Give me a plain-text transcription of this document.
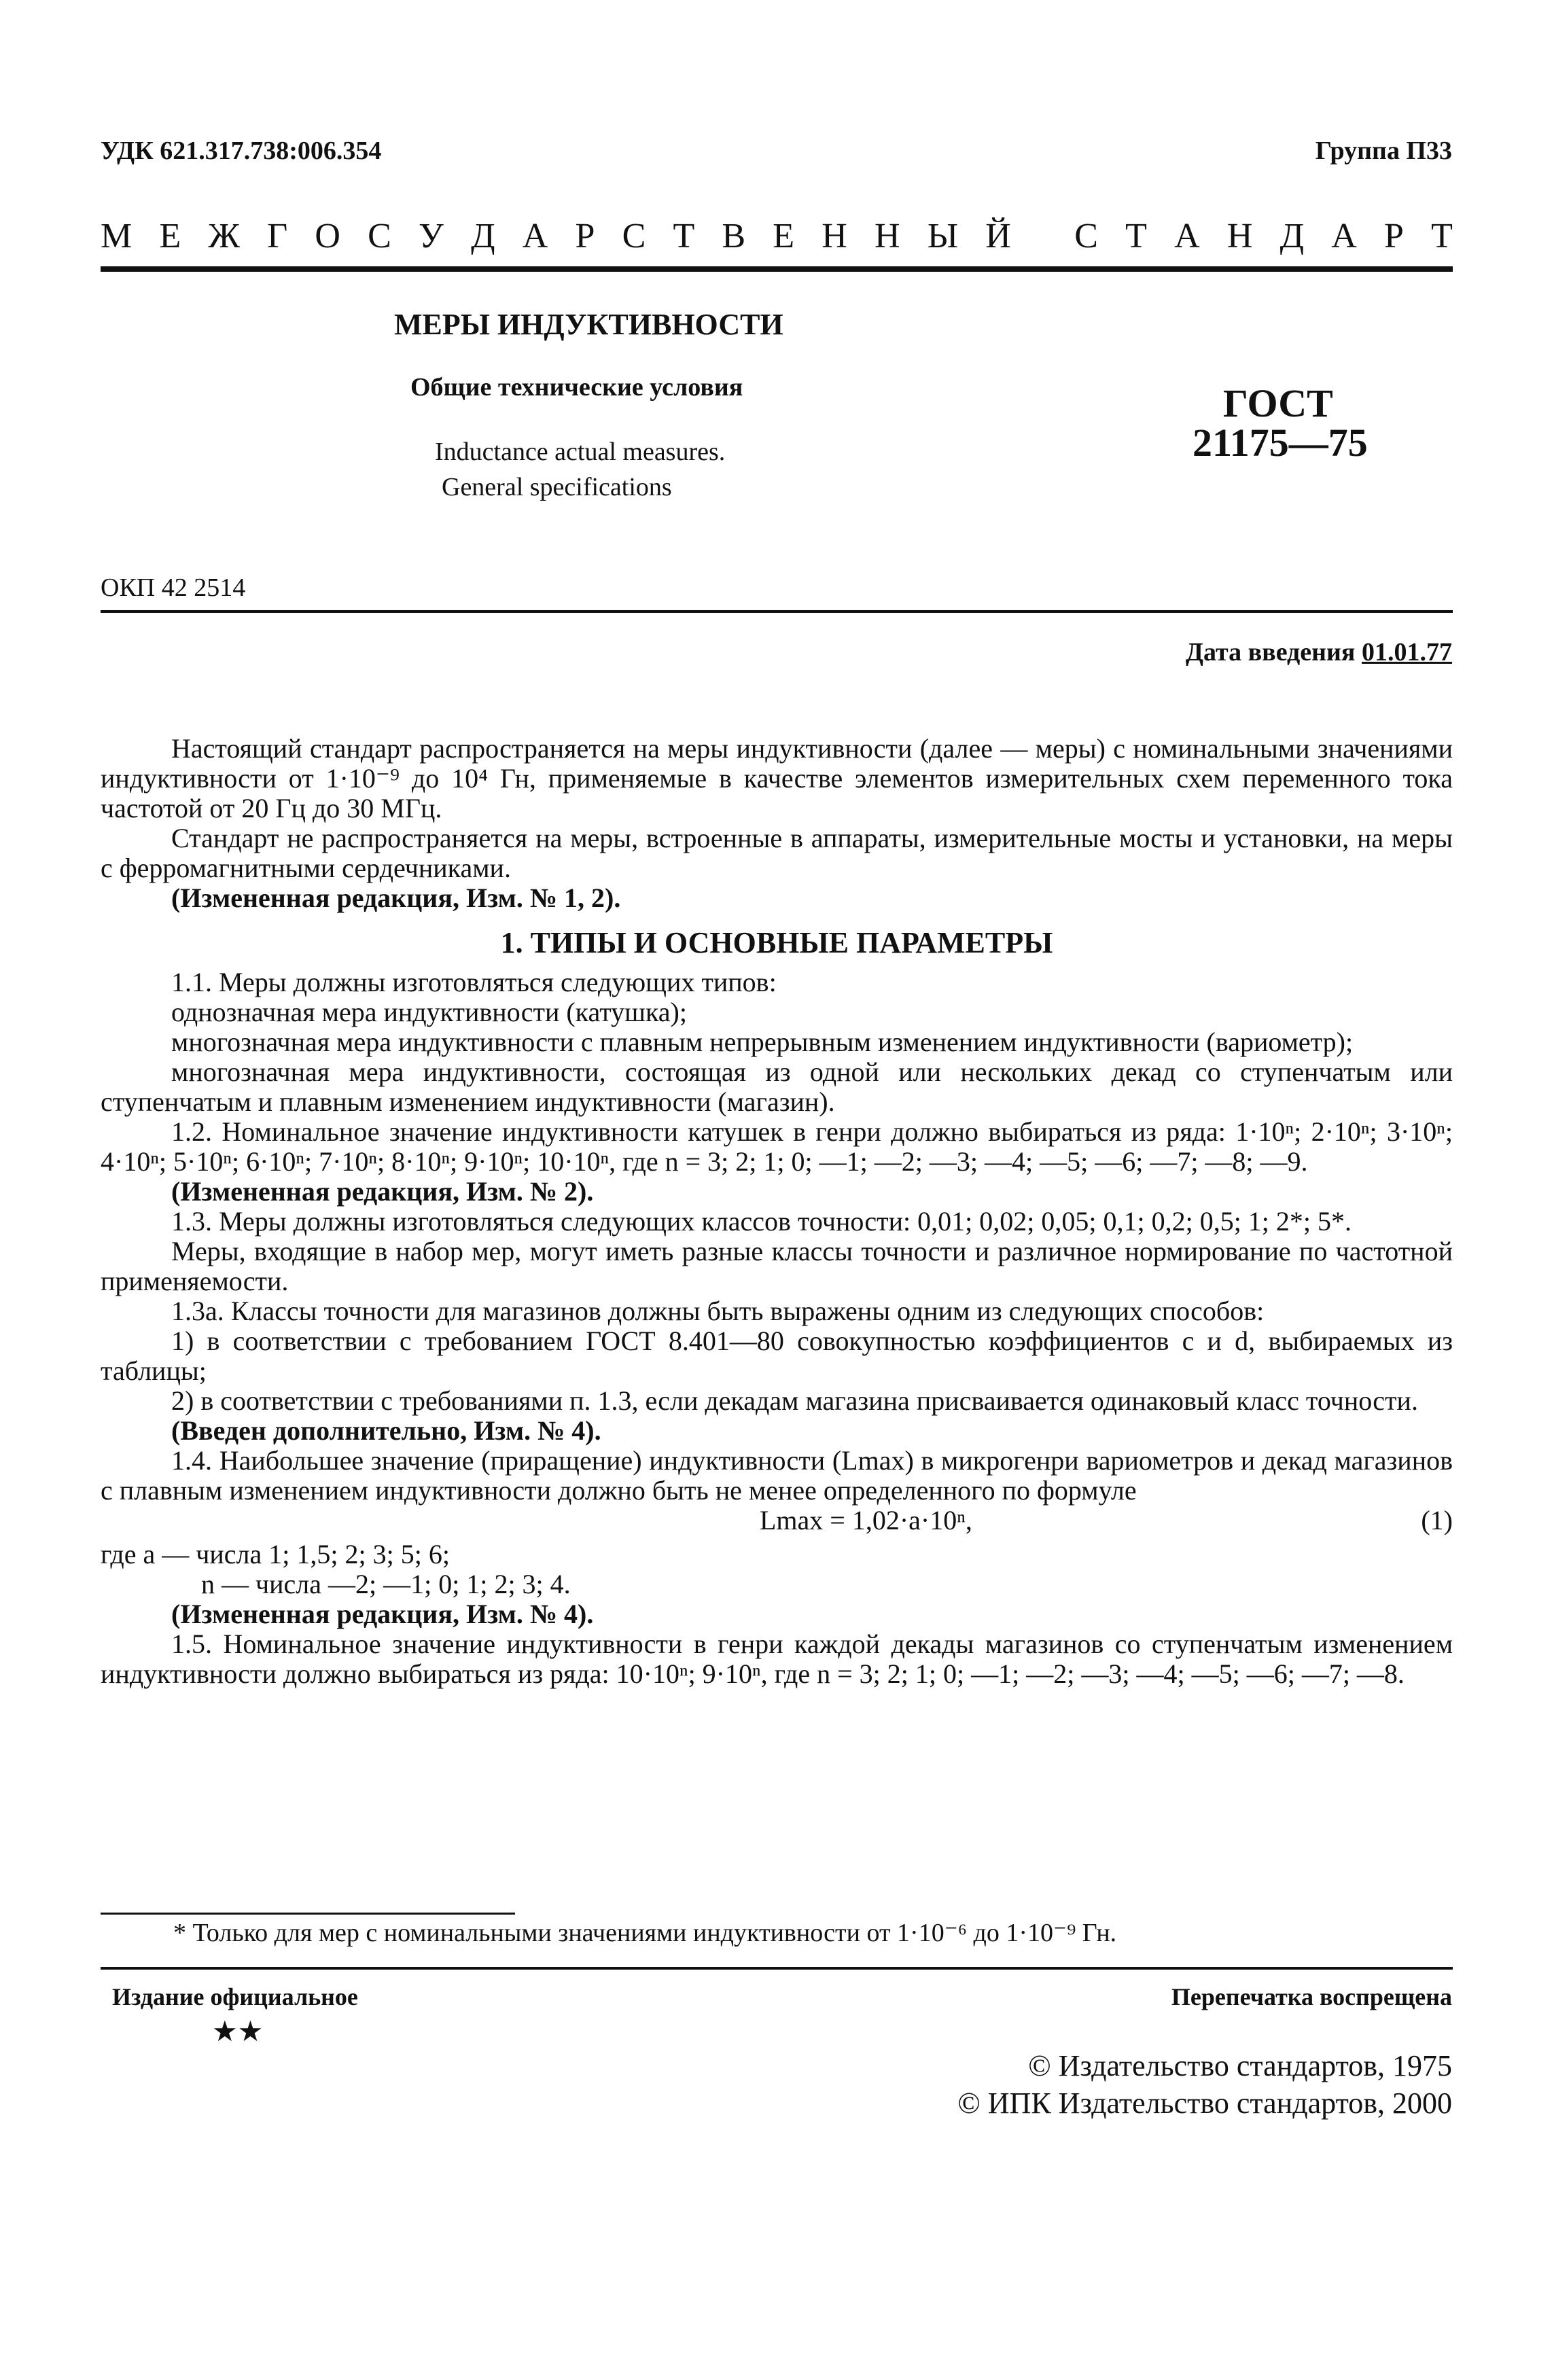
УДК 621.317.738:006.354	Группа П33
М Е Ж Г О С У Д А Р С Т В Е Н Н Ы Й
С Т А Н Д А Р Т
МЕРЫ ИНДУКТИВНОСТИ
Общие технические условия
Inductance actual measures.
General specifications
ГОСТ
21175—75
ОКП 42 2514
Дата введения 01.01.77

Настоящий стандарт распространяется на меры индуктивности (далее — меры) с номинальными значениями индуктивности от 1·10⁻⁹ до 10⁴ Гн, применяемые в качестве элементов измерительных схем переменного тока частотой от 20 Гц до 30 МГц.

Стандарт не распространяется на меры, встроенные в аппараты, измерительные мосты и установки, на меры с ферромагнитными сердечниками.

(Измененная редакция, Изм. № 1, 2).

1. ТИПЫ И ОСНОВНЫЕ ПАРАМЕТРЫ

1.1. Меры должны изготовляться следующих типов:

однозначная мера индуктивности (катушка);

многозначная мера индуктивности с плавным непрерывным изменением индуктивности (вариометр);

многозначная мера индуктивности, состоящая из одной или нескольких декад со ступенчатым или ступенчатым и плавным изменением индуктивности (магазин).

1.2. Номинальное значение индуктивности катушек в генри должно выбираться из ряда: 1·10ⁿ; 2·10ⁿ; 3·10ⁿ; 4·10ⁿ; 5·10ⁿ; 6·10ⁿ; 7·10ⁿ; 8·10ⁿ; 9·10ⁿ; 10·10ⁿ, где n = 3; 2; 1; 0; —1; —2; —3; —4; —5; —6; —7; —8; —9.

(Измененная редакция, Изм. № 2).

1.3. Меры должны изготовляться следующих классов точности: 0,01; 0,02; 0,05; 0,1; 0,2; 0,5; 1; 2*; 5*.

Меры, входящие в набор мер, могут иметь разные классы точности и различное нормирование по частотной применяемости.

1.3а. Классы точности для магазинов должны быть выражены одним из следующих способов:

1) в соответствии с требованием ГОСТ 8.401—80 совокупностью коэффициентов c и d, выбираемых из таблицы;

2) в соответствии с требованиями п. 1.3, если декадам магазина присваивается одинаковый класс точности.

(Введен дополнительно, Изм. № 4).

1.4. Наибольшее значение (приращение) индуктивности (Lmax) в микрогенри вариометров и декад магазинов с плавным изменением индуктивности должно быть не менее определенного по формуле

Lmax = 1,02·a·10ⁿ,	(1)

где a — числа 1; 1,5; 2; 3; 5; 6;

n — числа —2; —1; 0; 1; 2; 3; 4.

(Измененная редакция, Изм. № 4).

1.5. Номинальное значение индуктивности в генри каждой декады магазинов со ступенчатым изменением индуктивности должно выбираться из ряда: 10·10ⁿ; 9·10ⁿ, где n = 3; 2; 1; 0; —1; —2; —3; —4; —5; —6; —7; —8.

* Только для мер с номинальными значениями индуктивности от 1·10⁻⁶ до 1·10⁻⁹ Гн.
Издание официальное
★★
Перепечатка воспрещена
© Издательство стандартов, 1975
© ИПК Издательство стандартов, 2000
